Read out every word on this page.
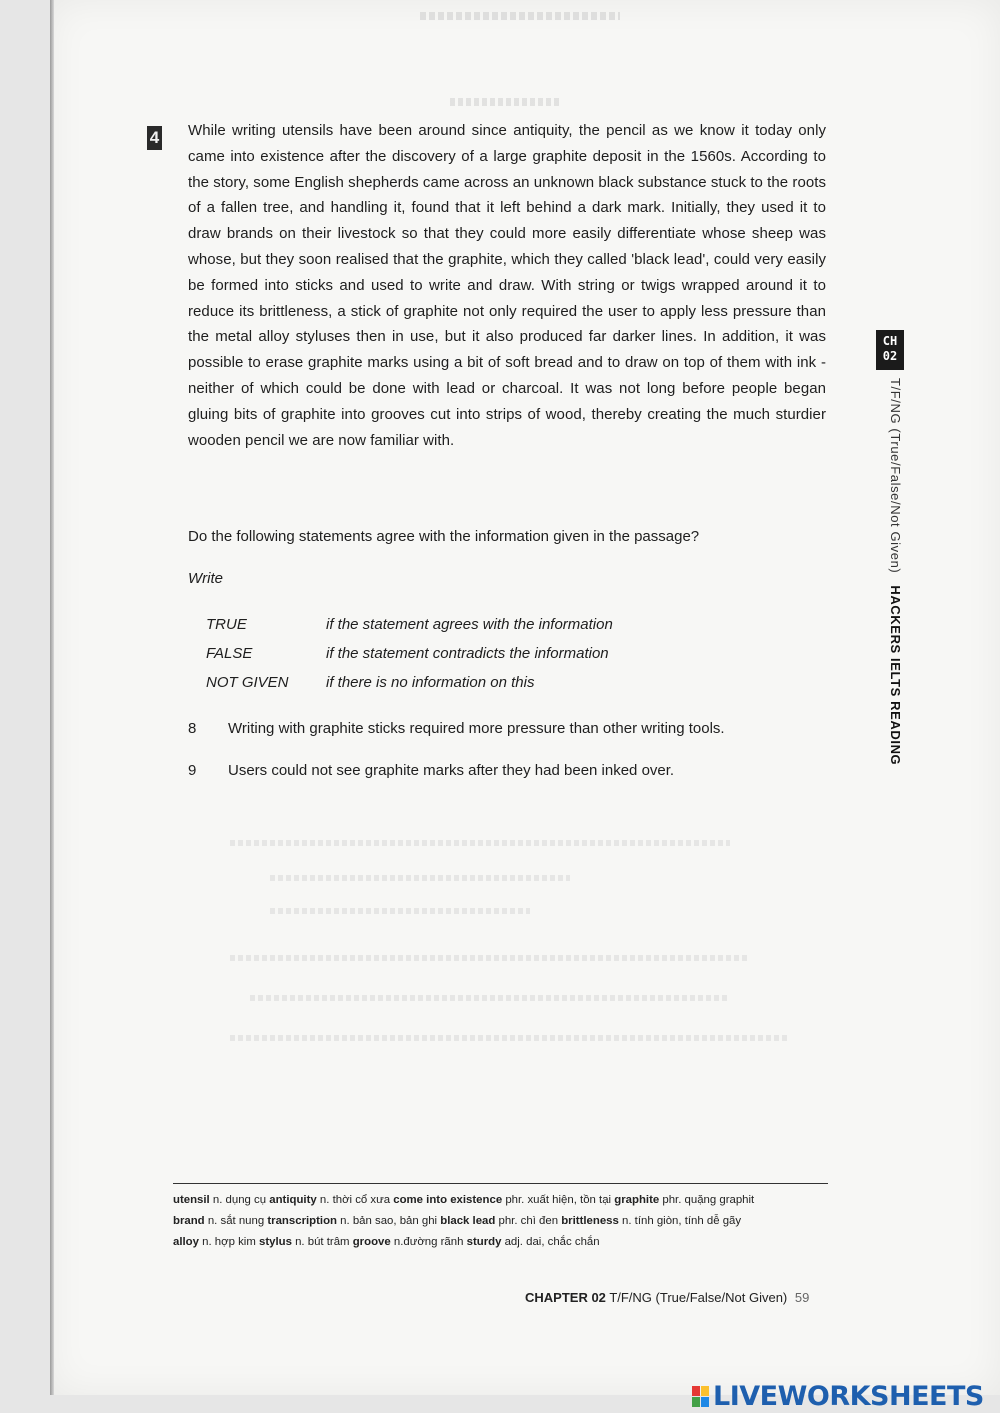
4 While writing utensils have been around since antiquity, the pencil as we know it today only came into existence after the discovery of a large graphite deposit in the 1560s. According to the story, some English shepherds came across an unknown black substance stuck to the roots of a fallen tree, and handling it, found that it left behind a dark mark. Initially, they used it to draw brands on their livestock so that they could more easily differentiate whose sheep was whose, but they soon realised that the graphite, which they called 'black lead', could very easily be formed into sticks and used to write and draw. With string or twigs wrapped around it to reduce its brittleness, a stick of graphite not only required the user to apply less pressure than the metal alloy styluses then in use, but it also produced far darker lines. In addition, it was possible to erase graphite marks using a bit of soft bread and to draw on top of them with ink - neither of which could be done with lead or charcoal. It was not long before people began gluing bits of graphite into grooves cut into strips of wood, thereby creating the much sturdier wooden pencil we are now familiar with.

Do the following statements agree with the information given in the passage?
Write
TRUE	if the statement agrees with the information
FALSE	if the statement contradicts the information
NOT GIVEN	if there is no information on this
8	Writing with graphite sticks required more pressure than other writing tools.
9	Users could not see graphite marks after they had been inked over.
CH
02
T/F/NG (True/False/Not Given)HACKERS IELTS READING
utensil n. dụng cụ antiquity n. thời cổ xưa come into existence phr. xuất hiện, tồn tại graphite phr. quặng graphit
brand n. sắt nung transcription n. bản sao, bản ghi black lead phr. chì đen brittleness n. tính giòn, tính dễ gãy
alloy n. hợp kim stylus n. bút trâm groove n.đường rãnh sturdy adj. dai, chắc chắn
CHAPTER 02 T/F/NG (True/False/Not Given) 59
LIVEWORKSHEETS
